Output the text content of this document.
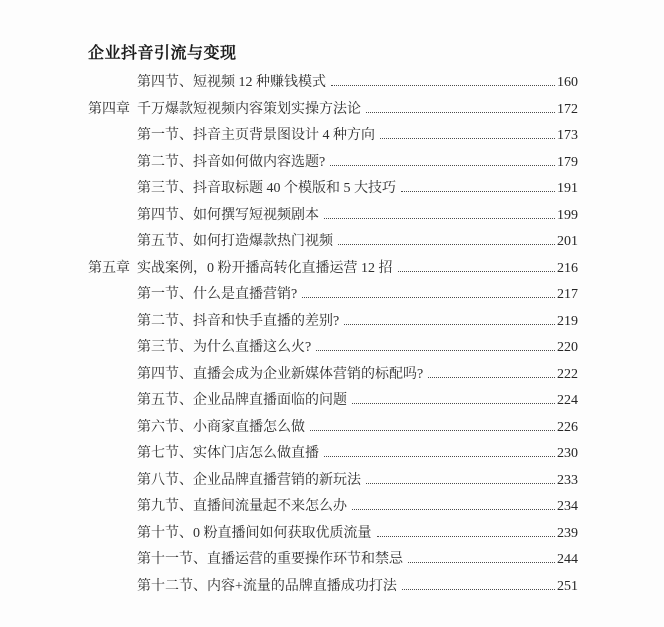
企业抖音引流与变现
第四节、短视频 12 种赚钱模式	160
第四章 千万爆款短视频内容策划实操方法论	172
第一节、抖音主页背景图设计 4 种方向	173
第二节、抖音如何做内容选题?	179
第三节、抖音取标题 40 个模版和 5 大技巧	191
第四节、如何撰写短视频剧本	199
第五节、如何打造爆款热门视频	201
第五章 实战案例，0 粉开播高转化直播运营 12 招	216
第一节、什么是直播营销?	217
第二节、抖音和快手直播的差别?	219
第三节、为什么直播这么火?	220
第四节、直播会成为企业新媒体营销的标配吗?	222
第五节、企业品牌直播面临的问题	224
第六节、小商家直播怎么做	226
第七节、实体门店怎么做直播	230
第八节、企业品牌直播营销的新玩法	233
第九节、直播间流量起不来怎么办	234
第十节、0 粉直播间如何获取优质流量	239
第十一节、直播运营的重要操作环节和禁忌	244
第十二节、内容+流量的品牌直播成功打法	251
